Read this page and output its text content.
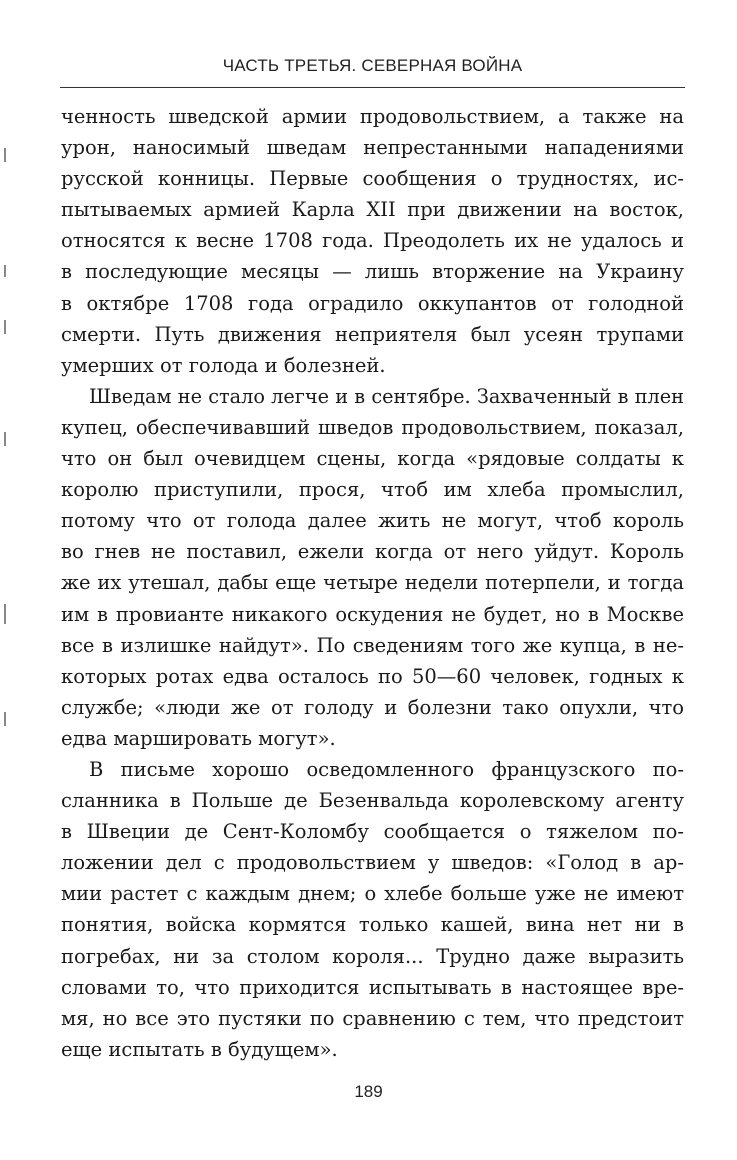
ЧАСТЬ ТРЕТЬЯ. СЕВЕРНАЯ ВОЙНА
ченность шведской армии продовольствием, а также на
урон, наносимый шведам непрестанными нападениями
русской конницы. Первые сообщения о трудностях, ис-
пытываемых армией Карла XII при движении на восток,
относятся к весне 1708 года. Преодолеть их не удалось и
в последующие месяцы — лишь вторжение на Украину
в октябре 1708 года оградило оккупантов от голодной
смерти. Путь движения неприятеля был усеян трупами
умерших от голода и болезней.
Шведам не стало легче и в сентябре. Захваченный в плен
купец, обеспечивавший шведов продовольствием, показал,
что он был очевидцем сцены, когда «рядовые солдаты к
королю приступили, прося, чтоб им хлеба промыслил,
потому что от голода далее жить не могут, чтоб король
во гнев не поставил, ежели когда от него уйдут. Король
же их утешал, дабы еще четыре недели потерпели, и тогда
им в провианте никакого оскудения не будет, но в Москве
все в излишке найдут». По сведениям того же купца, в не-
которых ротах едва осталось по 50—60 человек, годных к
службе; «люди же от голоду и болезни тако опухли, что
едва маршировать могут».
В письме хорошо осведомленного французского по-
сланника в Польше де Безенвальда королевскому агенту
в Швеции де Сент-Коломбу сообщается о тяжелом по-
ложении дел с продовольствием у шведов: «Голод в ар-
мии растет с каждым днем; о хлебе больше уже не имеют
понятия, войска кормятся только кашей, вина нет ни в
погребах, ни за столом короля... Трудно даже выразить
словами то, что приходится испытывать в настоящее вре-
мя, но все это пустяки по сравнению с тем, что предстоит
еще испытать в будущем».
189
